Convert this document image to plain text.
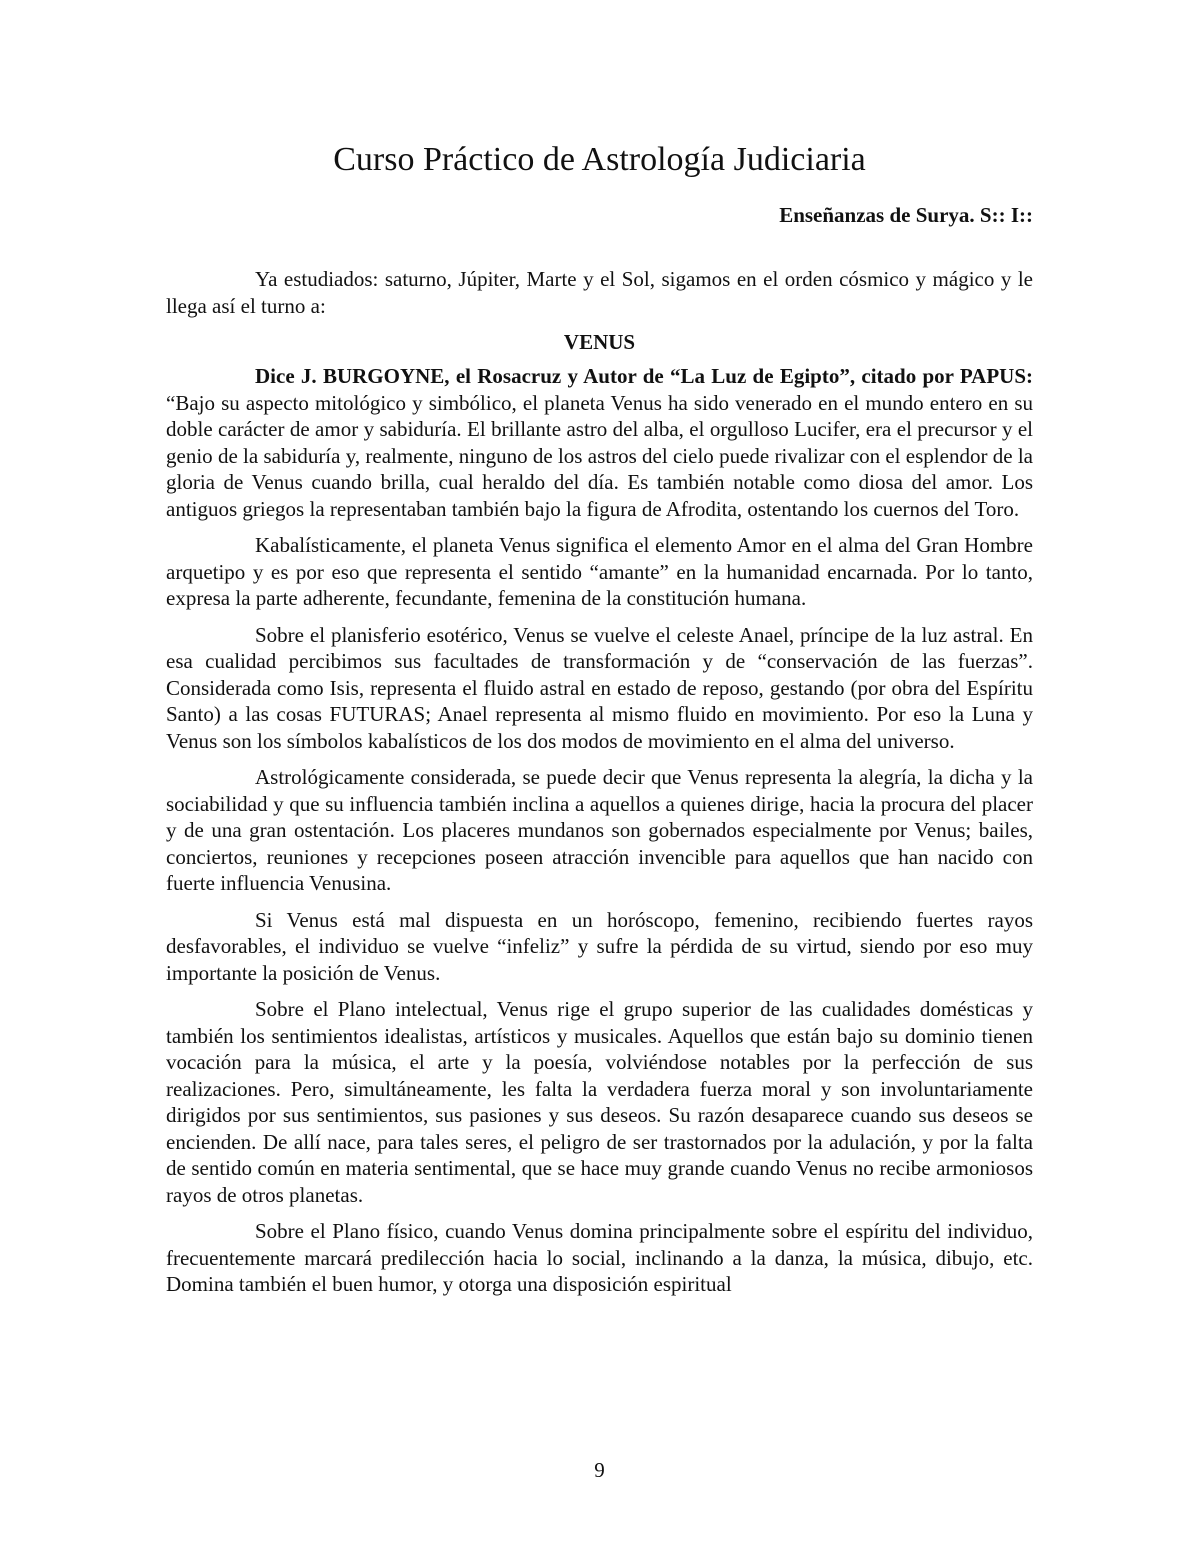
Curso Práctico de Astrología Judiciaria
Enseñanzas de Surya. S:: I::

Ya estudiados: saturno, Júpiter, Marte y el Sol, sigamos en el orden cósmico y mágico y le llega así el turno a:

VENUS

Dice J. BURGOYNE, el Rosacruz y Autor de “La Luz de Egipto”, citado por PAPUS: “Bajo su aspecto mitológico y simbólico, el planeta Venus ha sido venerado en el mundo entero en su doble carácter de amor y sabiduría. El brillante astro del alba, el orgulloso Lucifer, era el precursor y el genio de la sabiduría y, realmente, ninguno de los astros del cielo puede rivalizar con el esplendor de la gloria de Venus cuando brilla, cual heraldo del día. Es también notable como diosa del amor. Los antiguos griegos la representaban también bajo la figura de Afrodita, ostentando los cuernos del Toro.

Kabalísticamente, el planeta Venus significa el elemento Amor en el alma del Gran Hombre arquetipo y es por eso que representa el sentido “amante” en la humanidad encarnada. Por lo tanto, expresa la parte adherente, fecundante, femenina de la constitución humana.

Sobre el planisferio esotérico, Venus se vuelve el celeste Anael, príncipe de la luz astral. En esa cualidad percibimos sus facultades de transformación y de “conservación de las fuerzas”. Considerada como Isis, representa el fluido astral en estado de reposo, gestando (por obra del Espíritu Santo) a las cosas FUTURAS; Anael representa al mismo fluido en movimiento. Por eso la Luna y Venus son los símbolos kabalísticos de los dos modos de movimiento en el alma del universo.

Astrológicamente considerada, se puede decir que Venus representa la alegría, la dicha y la sociabilidad y que su influencia también inclina a aquellos a quienes dirige, hacia la procura del placer y de una gran ostentación. Los placeres mundanos son gobernados especialmente por Venus; bailes, conciertos, reuniones y recepciones poseen atracción invencible para aquellos que han nacido con fuerte influencia Venusina.

Si Venus está mal dispuesta en un horóscopo, femenino, recibiendo fuertes rayos desfavorables, el individuo se vuelve “infeliz” y sufre la pérdida de su virtud, siendo por eso muy importante la posición de Venus.

Sobre el Plano intelectual, Venus rige el grupo superior de las cualidades domésticas y también los sentimientos idealistas, artísticos y musicales. Aquellos que están bajo su dominio tienen vocación para la música, el arte y la poesía, volviéndose notables por la perfección de sus realizaciones. Pero, simultáneamente, les falta la verdadera fuerza moral y son involuntariamente dirigidos por sus sentimientos, sus pasiones y sus deseos. Su razón desaparece cuando sus deseos se encienden. De allí nace, para tales seres, el peligro de ser trastornados por la adulación, y por la falta de sentido común en materia sentimental, que se hace muy grande cuando Venus no recibe armoniosos rayos de otros planetas.

Sobre el Plano físico, cuando Venus domina principalmente sobre el espíritu del individuo, frecuentemente marcará predilección hacia lo social, inclinando a la danza, la música, dibujo, etc. Domina también el buen humor, y otorga una disposición espiritual

9
